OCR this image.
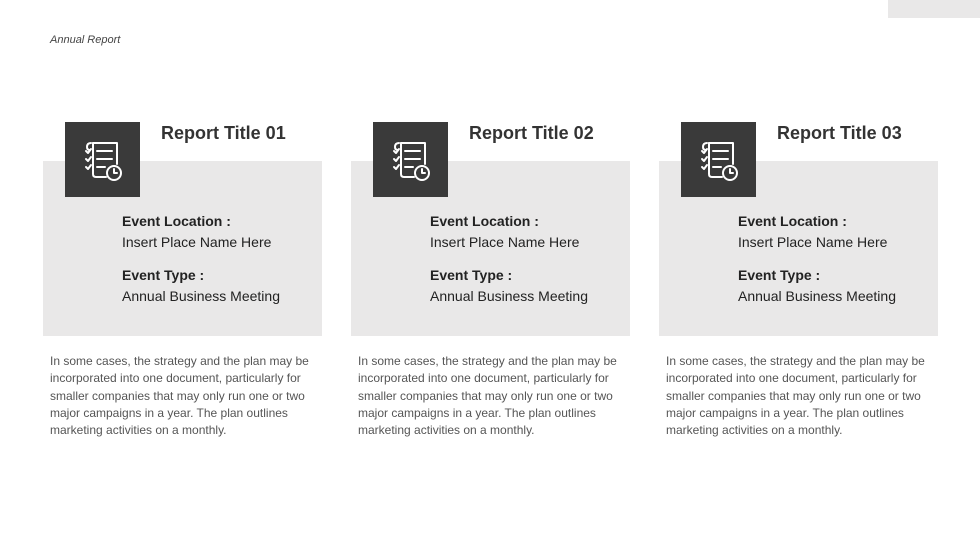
Annual Report
Report Title 01
Event Location :
Insert Place Name Here
Event Type :
Annual Business Meeting
In some cases, the strategy and the plan may be incorporated into one document, particularly for smaller companies that may only run one or two major campaigns in a year. The plan outlines marketing activities on a monthly.
Report Title 02
Event Location :
Insert Place Name Here
Event Type :
Annual Business Meeting
In some cases, the strategy and the plan may be incorporated into one document, particularly for smaller companies that may only run one or two major campaigns in a year. The plan outlines marketing activities on a monthly.
Report Title 03
Event Location :
Insert Place Name Here
Event Type :
Annual Business Meeting
In some cases, the strategy and the plan may be incorporated into one document, particularly for smaller companies that may only run one or two major campaigns in a year. The plan outlines marketing activities on a monthly.
